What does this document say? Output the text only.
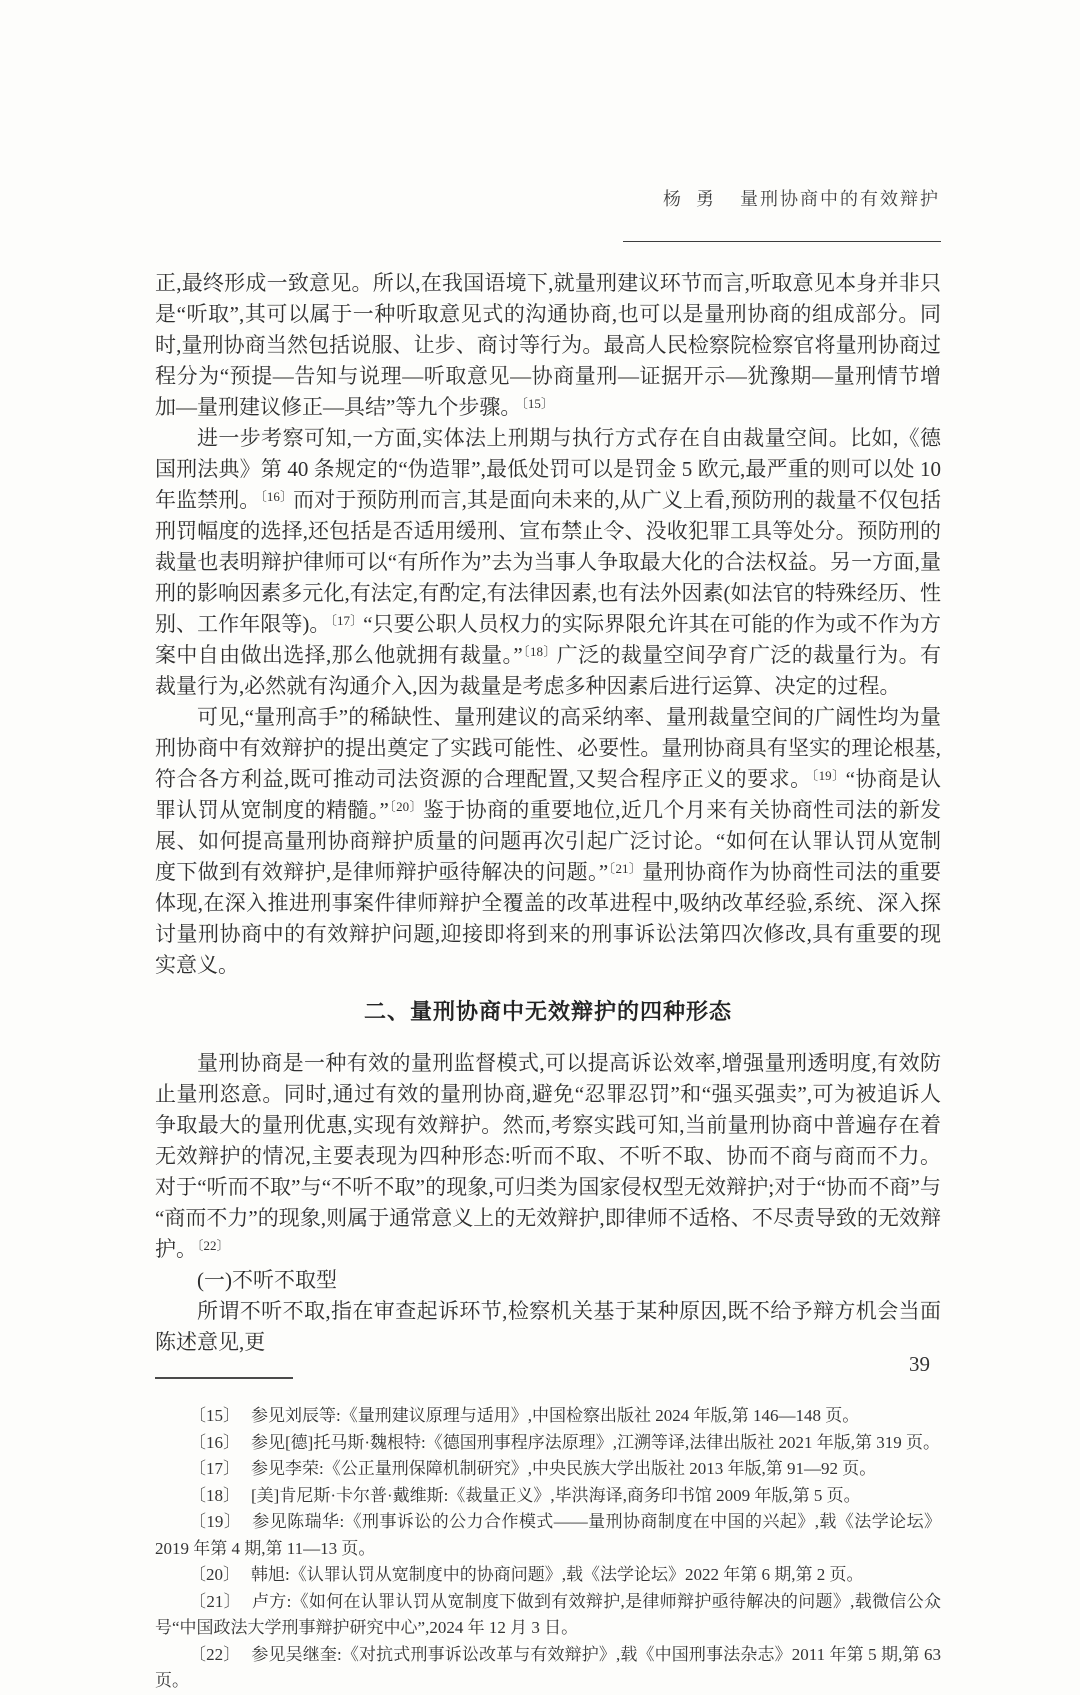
杨  勇 量刑协商中的有效辩护

正,最终形成一致意见。所以,在我国语境下,就量刑建议环节而言,听取意见本身并非只是“听取”,其可以属于一种听取意见式的沟通协商,也可以是量刑协商的组成部分。同时,量刑协商当然包括说服、让步、商讨等行为。最高人民检察院检察官将量刑协商过程分为“预提—告知与说理—听取意见—协商量刑—证据开示—犹豫期—量刑情节增加—量刑建议修正—具结”等九个步骤。$^{〔15〕}$

进一步考察可知,一方面,实体法上刑期与执行方式存在自由裁量空间。比如,《德国刑法典》第 40 条规定的“伪造罪”,最低处罚可以是罚金 5 欧元,最严重的则可以处 10 年监禁刑。$^{〔16〕}$而对于预防刑而言,其是面向未来的,从广义上看,预防刑的裁量不仅包括刑罚幅度的选择,还包括是否适用缓刑、宣布禁止令、没收犯罪工具等处分。预防刑的裁量也表明辩护律师可以“有所作为”去为当事人争取最大化的合法权益。另一方面,量刑的影响因素多元化,有法定,有酌定,有法律因素,也有法外因素(如法官的特殊经历、性别、工作年限等)。$^{〔17〕}$“只要公职人员权力的实际界限允许其在可能的作为或不作为方案中自由做出选择,那么他就拥有裁量。”$^{〔18〕}$广泛的裁量空间孕育广泛的裁量行为。有裁量行为,必然就有沟通介入,因为裁量是考虑多种因素后进行运算、决定的过程。

可见,“量刑高手”的稀缺性、量刑建议的高采纳率、量刑裁量空间的广阔性均为量刑协商中有效辩护的提出奠定了实践可能性、必要性。量刑协商具有坚实的理论根基,符合各方利益,既可推动司法资源的合理配置,又契合程序正义的要求。$^{〔19〕}$“协商是认罪认罚从宽制度的精髓。”$^{〔20〕}$鉴于协商的重要地位,近几个月来有关协商性司法的新发展、如何提高量刑协商辩护质量的问题再次引起广泛讨论。“如何在认罪认罚从宽制度下做到有效辩护,是律师辩护亟待解决的问题。”$^{〔21〕}$量刑协商作为协商性司法的重要体现,在深入推进刑事案件律师辩护全覆盖的改革进程中,吸纳改革经验,系统、深入探讨量刑协商中的有效辩护问题,迎接即将到来的刑事诉讼法第四次修改,具有重要的现实意义。

二、量刑协商中无效辩护的四种形态

量刑协商是一种有效的量刑监督模式,可以提高诉讼效率,增强量刑透明度,有效防止量刑恣意。同时,通过有效的量刑协商,避免“忍罪忍罚”和“强买强卖”,可为被追诉人争取最大的量刑优惠,实现有效辩护。然而,考察实践可知,当前量刑协商中普遍存在着无效辩护的情况,主要表现为四种形态:听而不取、不听不取、协而不商与商而不力。对于“听而不取”与“不听不取”的现象,可归类为国家侵权型无效辩护;对于“协而不商”与“商而不力”的现象,则属于通常意义上的无效辩护,即律师不适格、不尽责导致的无效辩护。$^{〔22〕}$

(一)不听不取型

所谓不听不取,指在审查起诉环节,检察机关基于某种原因,既不给予辩方机会当面陈述意见,更

〔15〕 参见刘辰等:《量刑建议原理与适用》,中国检察出版社 2024 年版,第 146—148 页。

〔16〕 参见[德]托马斯·魏根特:《德国刑事程序法原理》,江溯等译,法律出版社 2021 年版,第 319 页。

〔17〕 参见李荣:《公正量刑保障机制研究》,中央民族大学出版社 2013 年版,第 91—92 页。

〔18〕 [美]肯尼斯·卡尔普·戴维斯:《裁量正义》,毕洪海译,商务印书馆 2009 年版,第 5 页。

〔19〕 参见陈瑞华:《刑事诉讼的公力合作模式——量刑协商制度在中国的兴起》,载《法学论坛》2019 年第 4 期,第 11—13 页。

〔20〕 韩旭:《认罪认罚从宽制度中的协商问题》,载《法学论坛》2022 年第 6 期,第 2 页。

〔21〕 卢方:《如何在认罪认罚从宽制度下做到有效辩护,是律师辩护亟待解决的问题》,载微信公众号“中国政法大学刑事辩护研究中心”,2024 年 12 月 3 日。

〔22〕 参见吴继奎:《对抗式刑事诉讼改革与有效辩护》,载《中国刑事法杂志》2011 年第 5 期,第 63 页。

39
